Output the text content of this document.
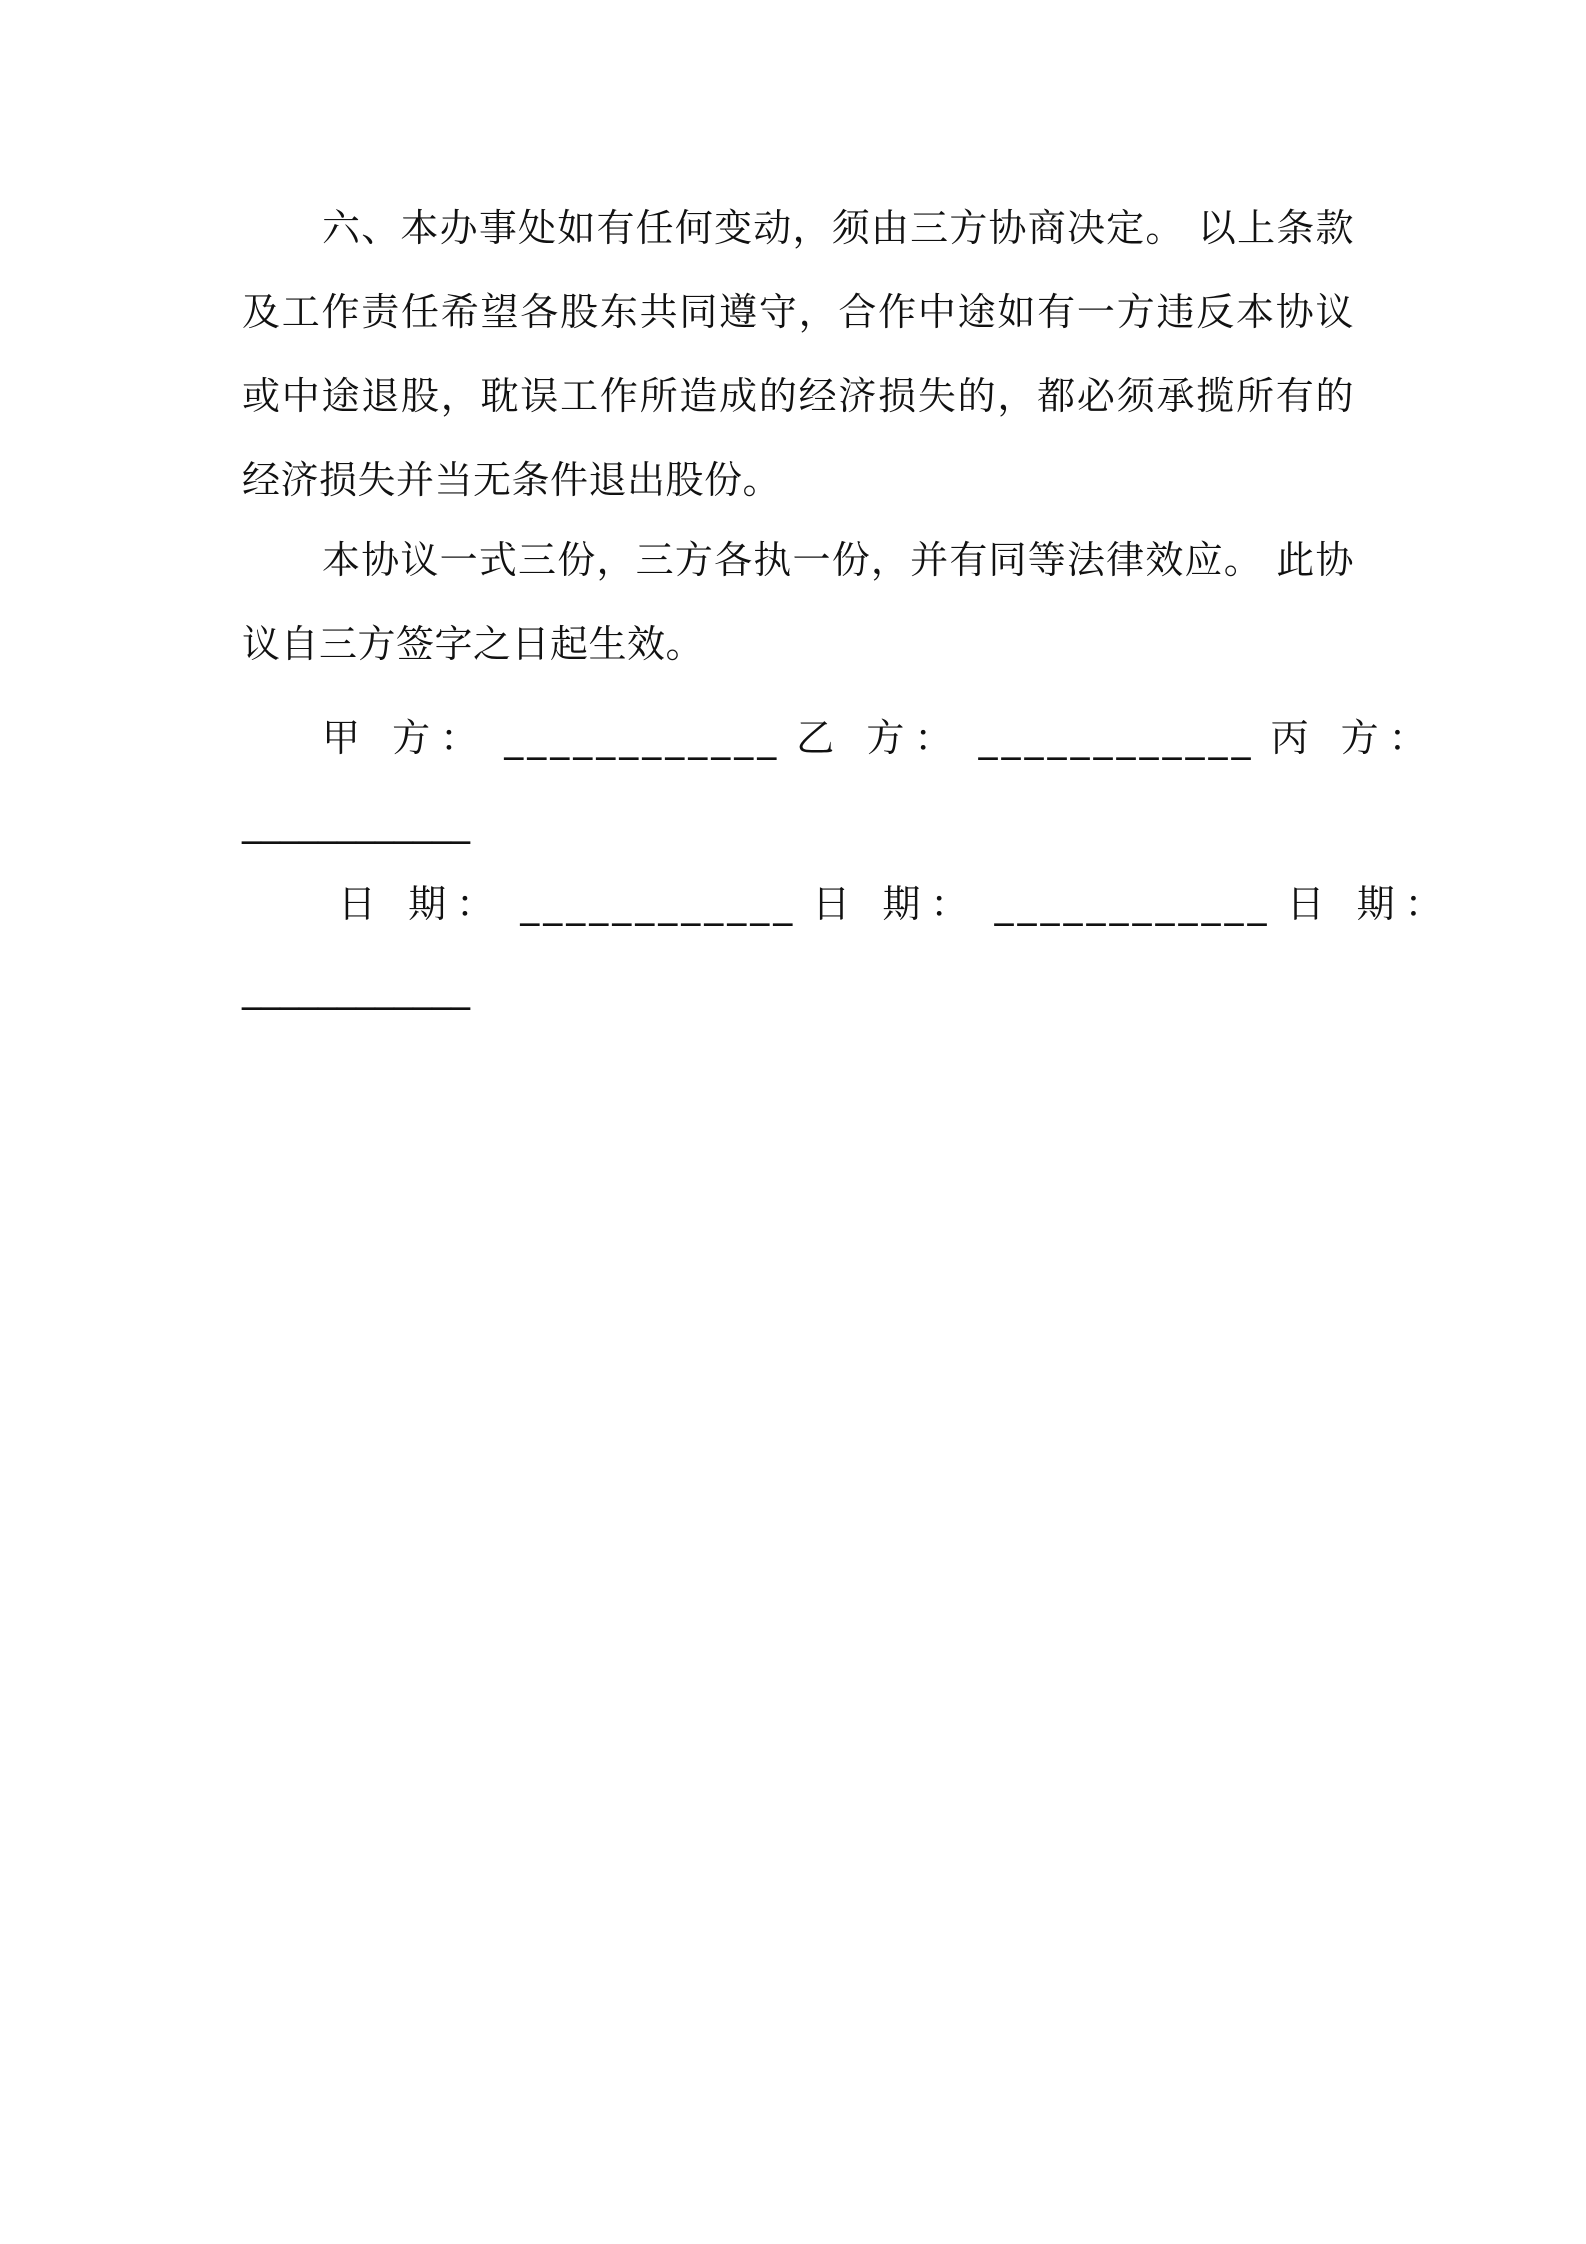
六、本办事处如有任何变动，须由三方协商决定。 以上条款及工作责任希望各股东共同遵守，合作中途如有一方违反本协议或中途退股，耽误工作所造成的经济损失的，都必须承揽所有的经济损失并当无条件退出股份。

本协议一式三份，三方各执一份，并有同等法律效应。 此协议自三方签字之日起生效。

甲 方： ____________ 乙 方： ____________ 丙 方：
____________
日 期： ____________ 日 期： ____________ 日 期：
____________
